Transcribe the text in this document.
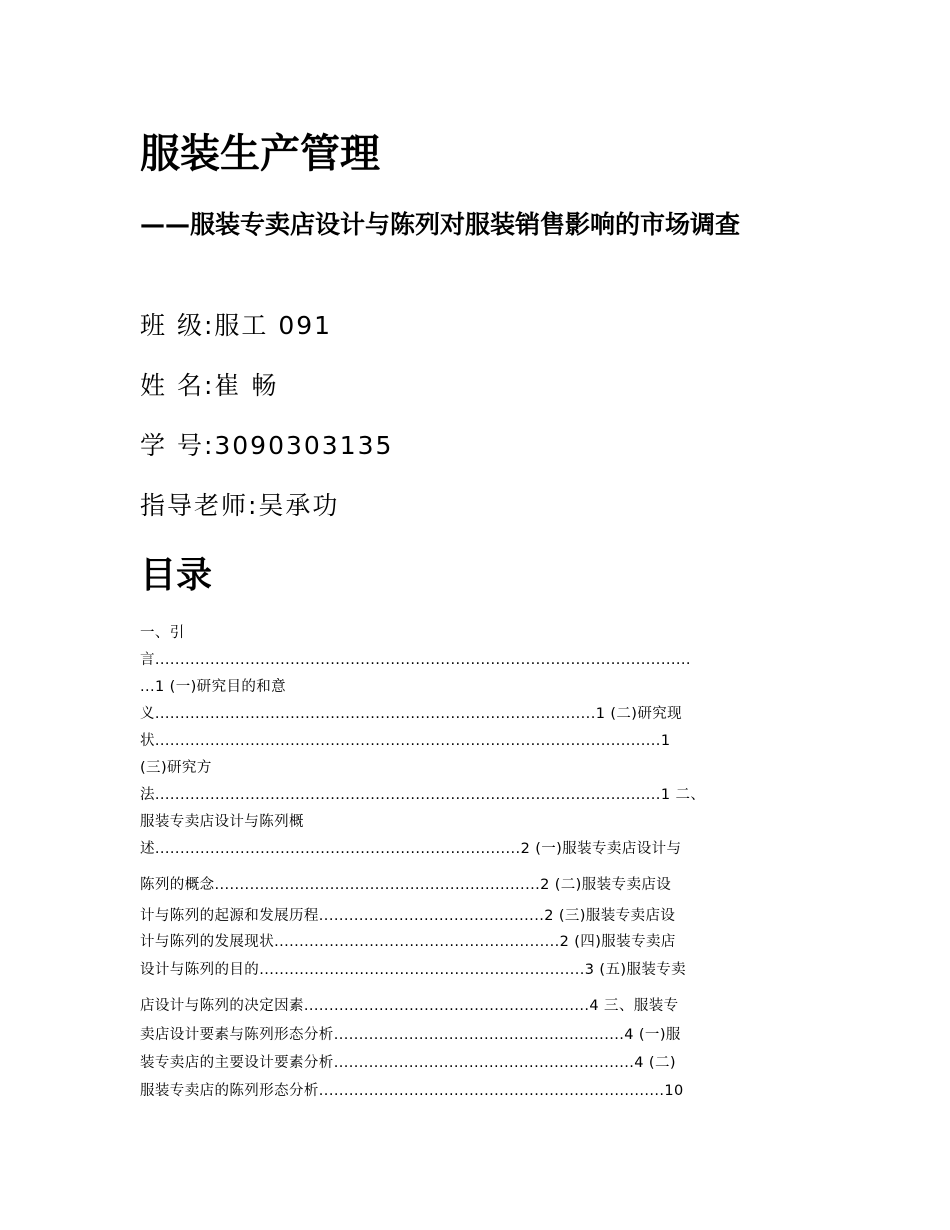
服装生产管理
——服装专卖店设计与陈列对服装销售影响的市场调查
班 级:服工 091
姓 名:崔 畅
学 号:3090303135
指导老师:吴承功
目录
一、引
言...........................................................................................................
...1 (一)研究目的和意
义........................................................................................1 (二)研究现
状.....................................................................................................1
(三)研究方
法.....................................................................................................1 二、
服装专卖店设计与陈列概
述.........................................................................2 (一)服装专卖店设计与
陈列的概念.................................................................2 (二)服装专卖店设
计与陈列的起源和发展历程.............................................2 (三)服装专卖店设
计与陈列的发展现状.........................................................2 (四)服装专卖店
设计与陈列的目的.................................................................3 (五)服装专卖
店设计与陈列的决定因素.........................................................4 三、服装专
卖店设计要素与陈列形态分析..........................................................4 (一)服
装专卖店的主要设计要素分析............................................................4 (二)
服装专卖店的陈列形态分析.....................................................................10
